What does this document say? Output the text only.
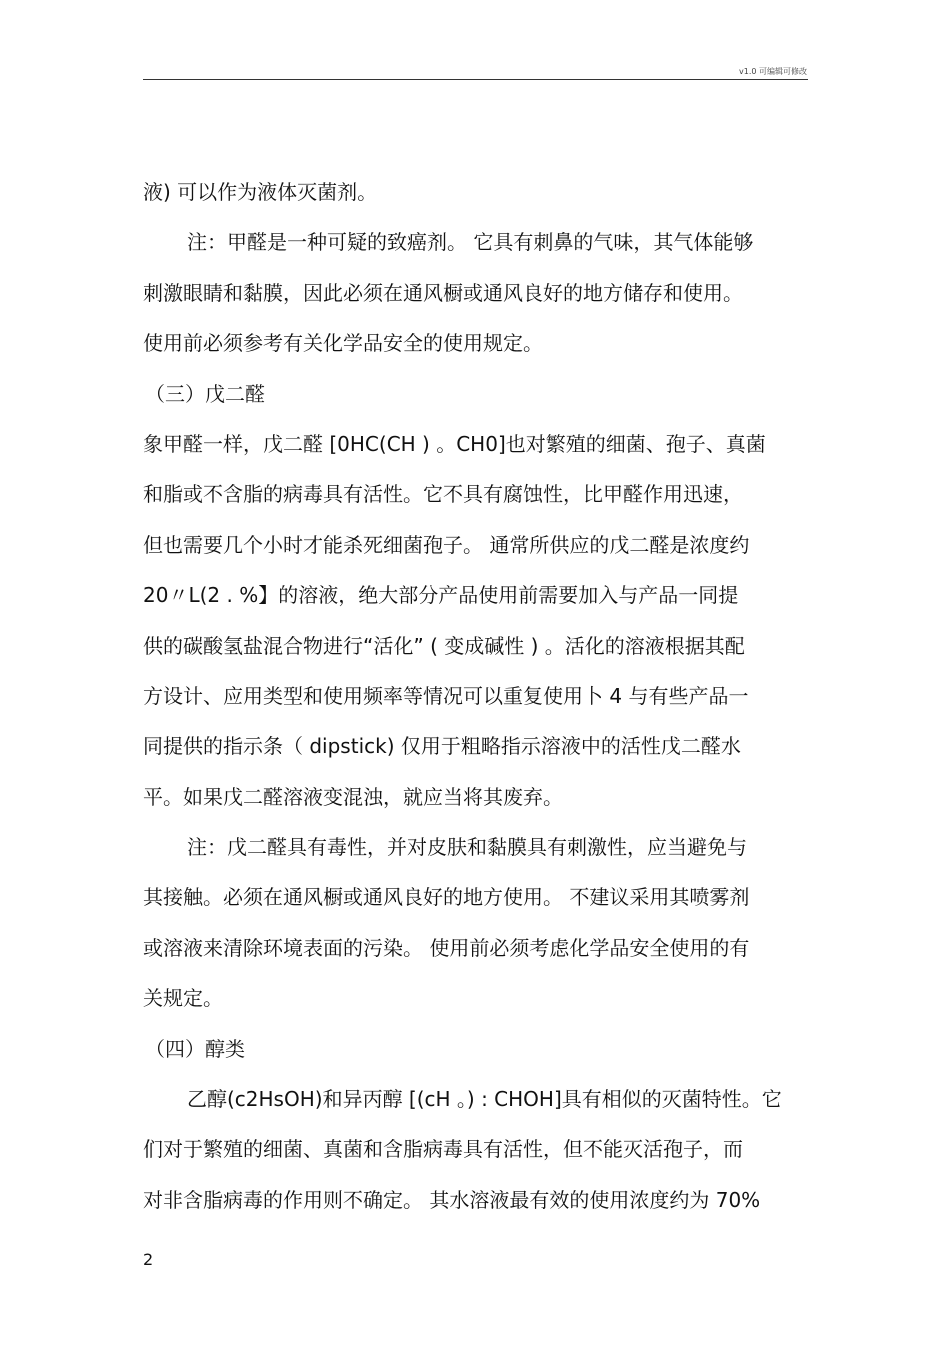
v1.0 可编辑可修改
液) 可以作为液体灭菌剂。
注：甲醛是一种可疑的致癌剂。 它具有刺鼻的气味，其气体能够
刺激眼睛和黏膜，因此必须在通风橱或通风良好的地方储存和使用。
使用前必须参考有关化学品安全的使用规定。
（三）戊二醛
象甲醛一样，戊二醛 [0HC(CH ) 。CH0]也对繁殖的细菌、孢子、真菌
和脂或不含脂的病毒具有活性。它不具有腐蚀性，比甲醛作用迅速，
但也需要几个小时才能杀死细菌孢子。 通常所供应的戊二醛是浓度约
20〃L(2 . %】的溶液，绝大部分产品使用前需要加入与产品一同提
供的碳酸氢盐混合物进行“活化” ( 变成碱性 ) 。活化的溶液根据其配
方设计、应用类型和使用频率等情况可以重复使用卜 4 与有些产品一
同提供的指示条（ dipstick) 仅用于粗略指示溶液中的活性戊二醛水
平。如果戊二醛溶液变混浊，就应当将其废弃。
注：戊二醛具有毒性，并对皮肤和黏膜具有刺激性，应当避免与
其接触。必须在通风橱或通风良好的地方使用。 不建议采用其喷雾剂
或溶液来清除环境表面的污染。 使用前必须考虑化学品安全使用的有
关规定。
（四）醇类
乙醇(c2HsOH)和异丙醇 [(cH 。) : CHOH]具有相似的灭菌特性。它
们对于繁殖的细菌、真菌和含脂病毒具有活性，但不能灭活孢子，而
对非含脂病毒的作用则不确定。 其水溶液最有效的使用浓度约为 70%
2
